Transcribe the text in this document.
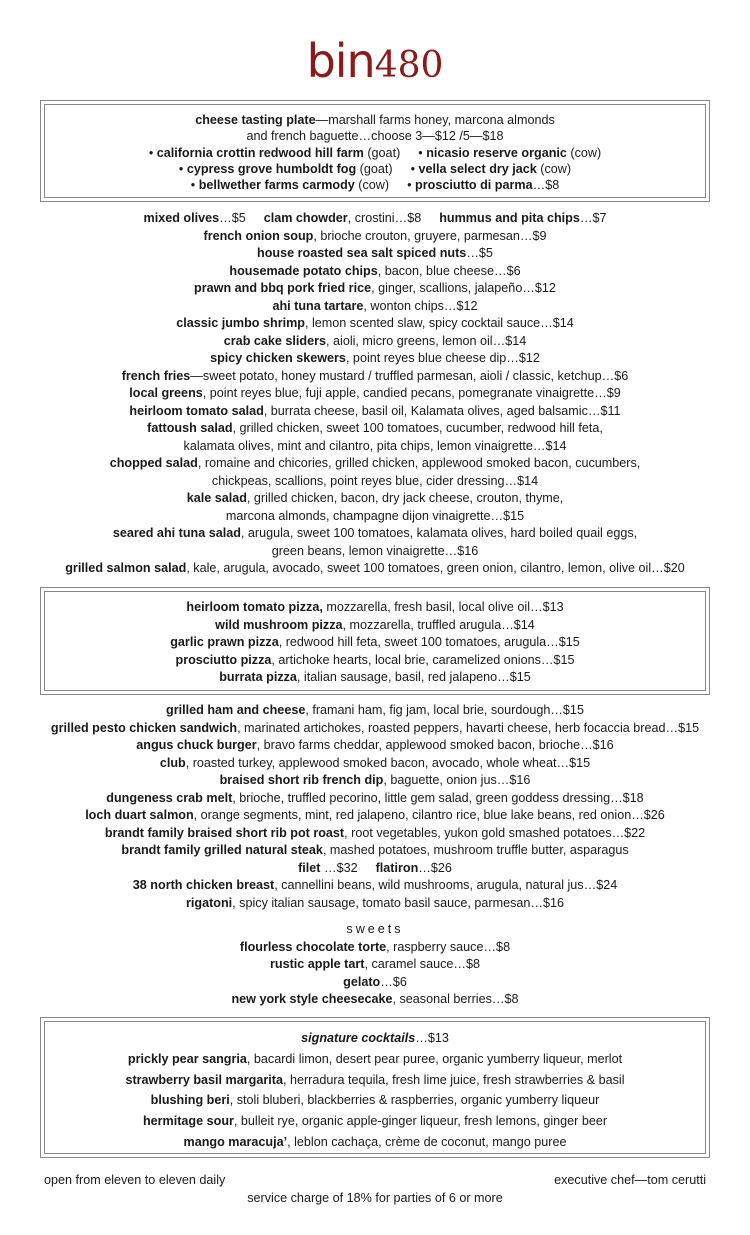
bin480
cheese tasting plate—marshall farms honey, marcona almonds
and french baguette…choose 3—$12 /5—$18
• california crottin redwood hill farm (goat) • nicasio reserve organic (cow)
• cypress grove humboldt fog (goat) • vella select dry jack (cow)
• bellwether farms carmody (cow) • prosciutto di parma…$8
mixed olives…$5 clam chowder, crostini…$8 hummus and pita chips…$7
french onion soup, brioche crouton, gruyere, parmesan…$9
house roasted sea salt spiced nuts…$5
housemade potato chips, bacon, blue cheese…$6
prawn and bbq pork fried rice, ginger, scallions, jalapeño…$12
ahi tuna tartare, wonton chips…$12
classic jumbo shrimp, lemon scented slaw, spicy cocktail sauce…$14
crab cake sliders, aioli, micro greens, lemon oil…$14
spicy chicken skewers, point reyes blue cheese dip…$12
french fries—sweet potato, honey mustard / truffled parmesan, aioli / classic, ketchup…$6
local greens, point reyes blue, fuji apple, candied pecans, pomegranate vinaigrette…$9
heirloom tomato salad, burrata cheese, basil oil, Kalamata olives, aged balsamic…$11
fattoush salad, grilled chicken, sweet 100 tomatoes, cucumber, redwood hill feta,
kalamata olives, mint and cilantro, pita chips, lemon vinaigrette…$14
chopped salad, romaine and chicories, grilled chicken, applewood smoked bacon, cucumbers,
chickpeas, scallions, point reyes blue, cider dressing…$14
kale salad, grilled chicken, bacon, dry jack cheese, crouton, thyme,
marcona almonds, champagne dijon vinaigrette…$15
seared ahi tuna salad, arugula, sweet 100 tomatoes, kalamata olives, hard boiled quail eggs,
green beans, lemon vinaigrette…$16
grilled salmon salad, kale, arugula, avocado, sweet 100 tomatoes, green onion, cilantro, lemon, olive oil…$20
heirloom tomato pizza, mozzarella, fresh basil, local olive oil…$13
wild mushroom pizza, mozzarella, truffled arugula…$14
garlic prawn pizza, redwood hill feta, sweet 100 tomatoes, arugula…$15
prosciutto pizza, artichoke hearts, local brie, caramelized onions…$15
burrata pizza, italian sausage, basil, red jalapeno…$15
grilled ham and cheese, framani ham, fig jam, local brie, sourdough…$15
grilled pesto chicken sandwich, marinated artichokes, roasted peppers, havarti cheese, herb focaccia bread…$15
angus chuck burger, bravo farms cheddar, applewood smoked bacon, brioche…$16
club, roasted turkey, applewood smoked bacon, avocado, whole wheat…$15
braised short rib french dip, baguette, onion jus…$16
dungeness crab melt, brioche, truffled pecorino, little gem salad, green goddess dressing…$18
loch duart salmon, orange segments, mint, red jalapeno, cilantro rice, blue lake beans, red onion…$26
brandt family braised short rib pot roast, root vegetables, yukon gold smashed potatoes…$22
brandt family grilled natural steak, mashed potatoes, mushroom truffle butter, asparagus
filet …$32 flatiron…$26
38 north chicken breast, cannellini beans, wild mushrooms, arugula, natural jus…$24
rigatoni, spicy italian sausage, tomato basil sauce, parmesan…$16
sweets
flourless chocolate torte, raspberry sauce…$8
rustic apple tart, caramel sauce…$8
gelato…$6
new york style cheesecake, seasonal berries…$8
signature cocktails…$13
prickly pear sangria, bacardi limon, desert pear puree, organic yumberry liqueur, merlot
strawberry basil margarita, herradura tequila, fresh lime juice, fresh strawberries & basil
blushing beri, stoli bluberi, blackberries & raspberries, organic yumberry liqueur
hermitage sour, bulleit rye, organic apple-ginger liqueur, fresh lemons, ginger beer
mango maracuja’, leblon cachaça, crème de coconut, mango puree
open from eleven to eleven daily	executive chef—tom cerutti
service charge of 18% for parties of 6 or more
